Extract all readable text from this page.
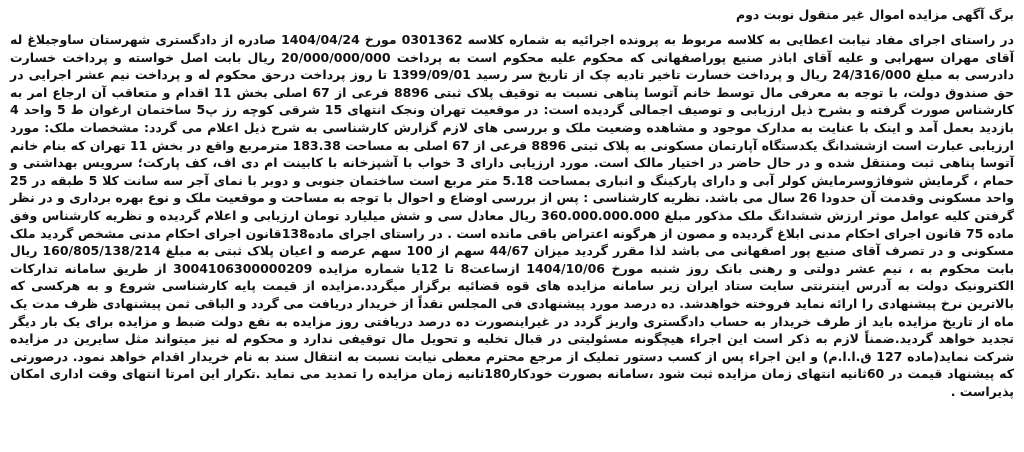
برگ آگهی مزایده اموال غیر منقول نوبت دوم

در راستای اجرای مفاد نیابت اعطایی به کلاسه مربوط به پرونده اجرائیه به شماره کلاسه 0301362 مورخ 1404/04/24 صادره از دادگستری شهرستان ساوجبلاغ له آقای مهران سهرابی و علیه آقای اباذر صنیع پوراصفهانی که محکوم علیه محکوم است به پرداخت 20/000/000/000 ریال بابت اصل خواسته و پرداخت خسارت دادرسی به مبلغ 24/316/000 ریال و پرداخت خسارت تاخیر تادیه چک از تاریخ سر رسید 1399/09/01 تا روز پرداخت درحق محکوم له و پرداخت نیم عشر اجرایی در حق صندوق دولت، با توجه به معرفی مال توسط خانم آتوسا پناهی نسبت به توقیف پلاک ثبتی 8896 فرعی از 67 اصلی بخش 11 اقدام و متعاقب آن ارجاع امر به کارشناس صورت گرفته و بشرح ذیل ارزیابی و توصیف اجمالی گردیده است: در موقعیت تهران ونجک انتهای 15 شرقی کوچه رز پ5 ساختمان ارغوان ط 5 واحد 4 بازدید بعمل آمد و اینک با عنایت به مدارک موجود و مشاهده وضعیت ملک و بررسی های لازم گزارش کارشناسی به شرح ذیل اعلام می گردد: مشخصات ملک: مورد ارزیابی عبارت است ازششدانگ یکدستگاه آپارتمان مسکونی به پلاک ثبتی 8896 فرعی از 67 اصلی به مساحت 183.38 مترمربع واقع در بخش 11 تهران که بنام خانم آتوسا پناهی ثبت ومنتقل شده و در حال حاضر در اختیار مالک است. مورد ارزیابی دارای 3 خواب با آشپزخانه با کابینت ام دی اف، کف پارکت؛ سرویس بهداشتی و حمام ، گرمایش شوفاژوسرمایش کولر آبی و دارای پارکینگ و انباری بمساحت 5.18 متر مربع است ساختمان جنوبی و دوبر با نمای آجر سه سانت کلا 5 طبقه در 25 واحد مسکونی وقدمت آن حدودا 26 سال می باشد. نظریه کارشناسی : پس از بررسی اوضاع و احوال با توجه به مساحت و موقعیت ملک و نوع بهره برداری و در نظر گرفتن کلیه عوامل موثر ارزش ششدانگ ملک مذکور مبلغ 360.000.000.000 ریال معادل سی و شش میلیارد تومان ارزیابی و اعلام گردیده و نظریه کارشناس وفق ماده 75 قانون اجرای احکام مدنی ابلاغ گردیده و مصون از هرگونه اعتراض باقی مانده است . در راستای اجرای ماده138قانون اجرای احکام مدنی مشخص گردید ملک مسکونی و در تصرف آقای صنیع پور اصفهانی می باشد لذا مقرر گردید میزان 44/67 سهم از 100 سهم عرصه و اعیان پلاک ثبتی به مبلغ 160/805/138/214 ریال بابت محکوم به ، نیم عشر دولتی و رهنی بانک روز شنبه مورخ 1404/10/06 ازساعت8 تا 12یا شماره مزایده 3004106300000209 از طریق سامانه تدارکات الکترونیک دولت به آدرس اینترنتی سایت ستاد ایران زیر سامانه مزایده های قوه قضائیه برگزار میگردد.مزایده از قیمت پایه کارشناسی شروع و به هرکسی که بالاترین نرخ پیشنهادی را ارائه نماید فروخته خواهدشد. ده درصد مورد پیشنهادی فی المجلس نقداً از خریدار دریافت می گردد و الباقی ثمن پیشنهادی ظرف مدت یک ماه از تاریخ مزایده باید از طرف خریدار به حساب دادگستری واریز گردد در غیراینصورت ده درصد دریافتی روز مزایده به نفع دولت ضبط و مزایده برای یک بار دیگر تجدید خواهد گردید.ضمناً لازم به ذکر است این اجراء هیچگونه مسئولیتی در قبال تخلیه و تحویل مال توقیفی ندارد و محکوم له نیز میتواند مثل سایرین در مزایده شرکت نماید(ماده 127 ق.ا.ا.م) و این اجراء پس از کسب دستور تملیک از مرجع محترم معطی نیابت نسبت به انتقال سند به نام خریدار اقدام خواهد نمود. درصورتی که پیشنهاد قیمت در 60ثانیه انتهای زمان مزایده ثبت شود ،سامانه بصورت خودکار180ثانیه زمان مزایده را تمدید می نماید .تکرار این امرتا انتهای وقت اداری امکان پذیراست .
